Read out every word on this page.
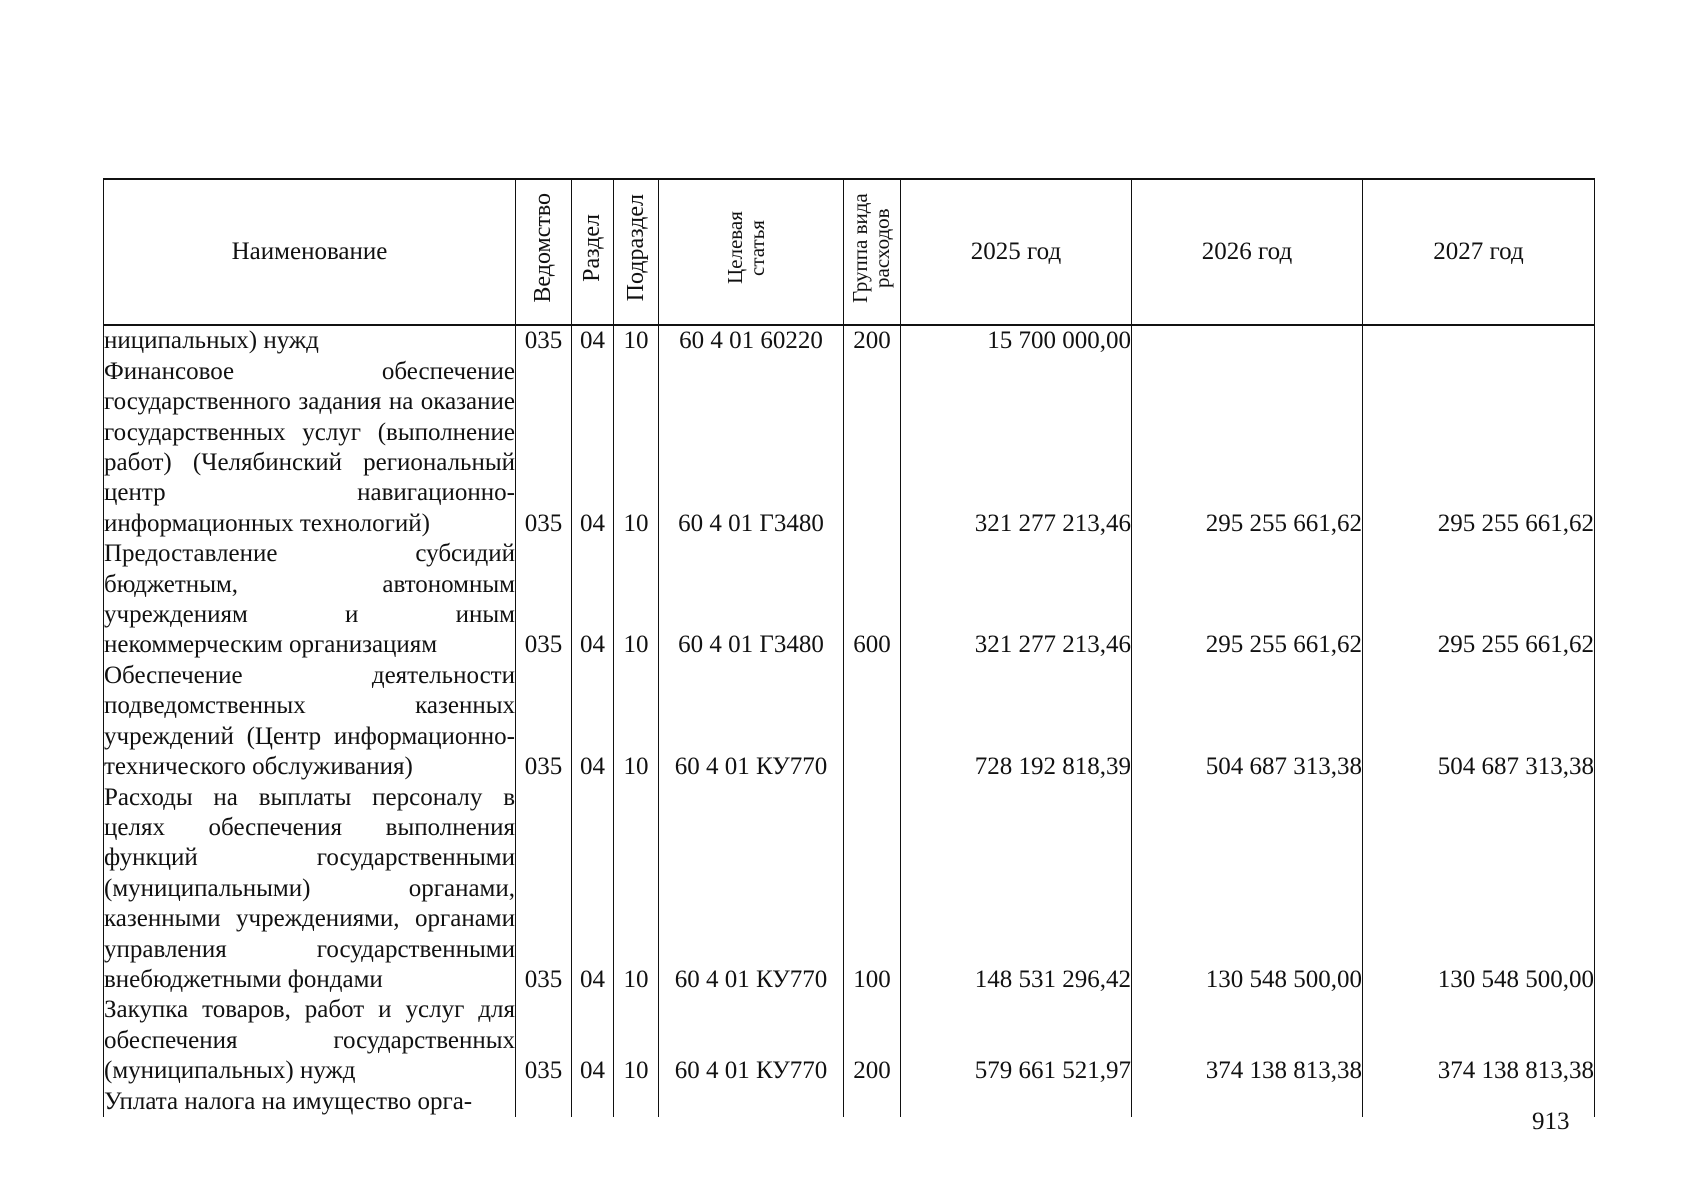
Наименование	Ведомство	Раздел	Подраздел	Целевая статья	Группа вида расходов	2025 год	2026 год	2027 год
ниципальных) нужд	035	04	10	60 4 01 60220	200	15 700 000,00		
Финансовое обеспечение государственного задания на оказание государственных услуг (выполнение работ) (Челябинский региональный центр навигационно-информационных технологий)	035	04	10	60 4 01 Г3480		321 277 213,46	295 255 661,62	295 255 661,62
Предоставление субсидий бюджетным, автономным учреждениям и иным некоммерческим организациям	035	04	10	60 4 01 Г3480	600	321 277 213,46	295 255 661,62	295 255 661,62
Обеспечение деятельности подведомственных казенных учреждений (Центр информационно-технического обслуживания)	035	04	10	60 4 01 КУ770		728 192 818,39	504 687 313,38	504 687 313,38
Расходы на выплаты персоналу в целях обеспечения выполнения функций государственными (муниципальными) органами, казенными учреждениями, органами управления государственными внебюджетными фондами	035	04	10	60 4 01 КУ770	100	148 531 296,42	130 548 500,00	130 548 500,00
Закупка товаров, работ и услуг для обеспечения государственных (муниципальных) нужд	035	04	10	60 4 01 КУ770	200	579 661 521,97	374 138 813,38	374 138 813,38
Уплата налога на имущество орга-								
913
